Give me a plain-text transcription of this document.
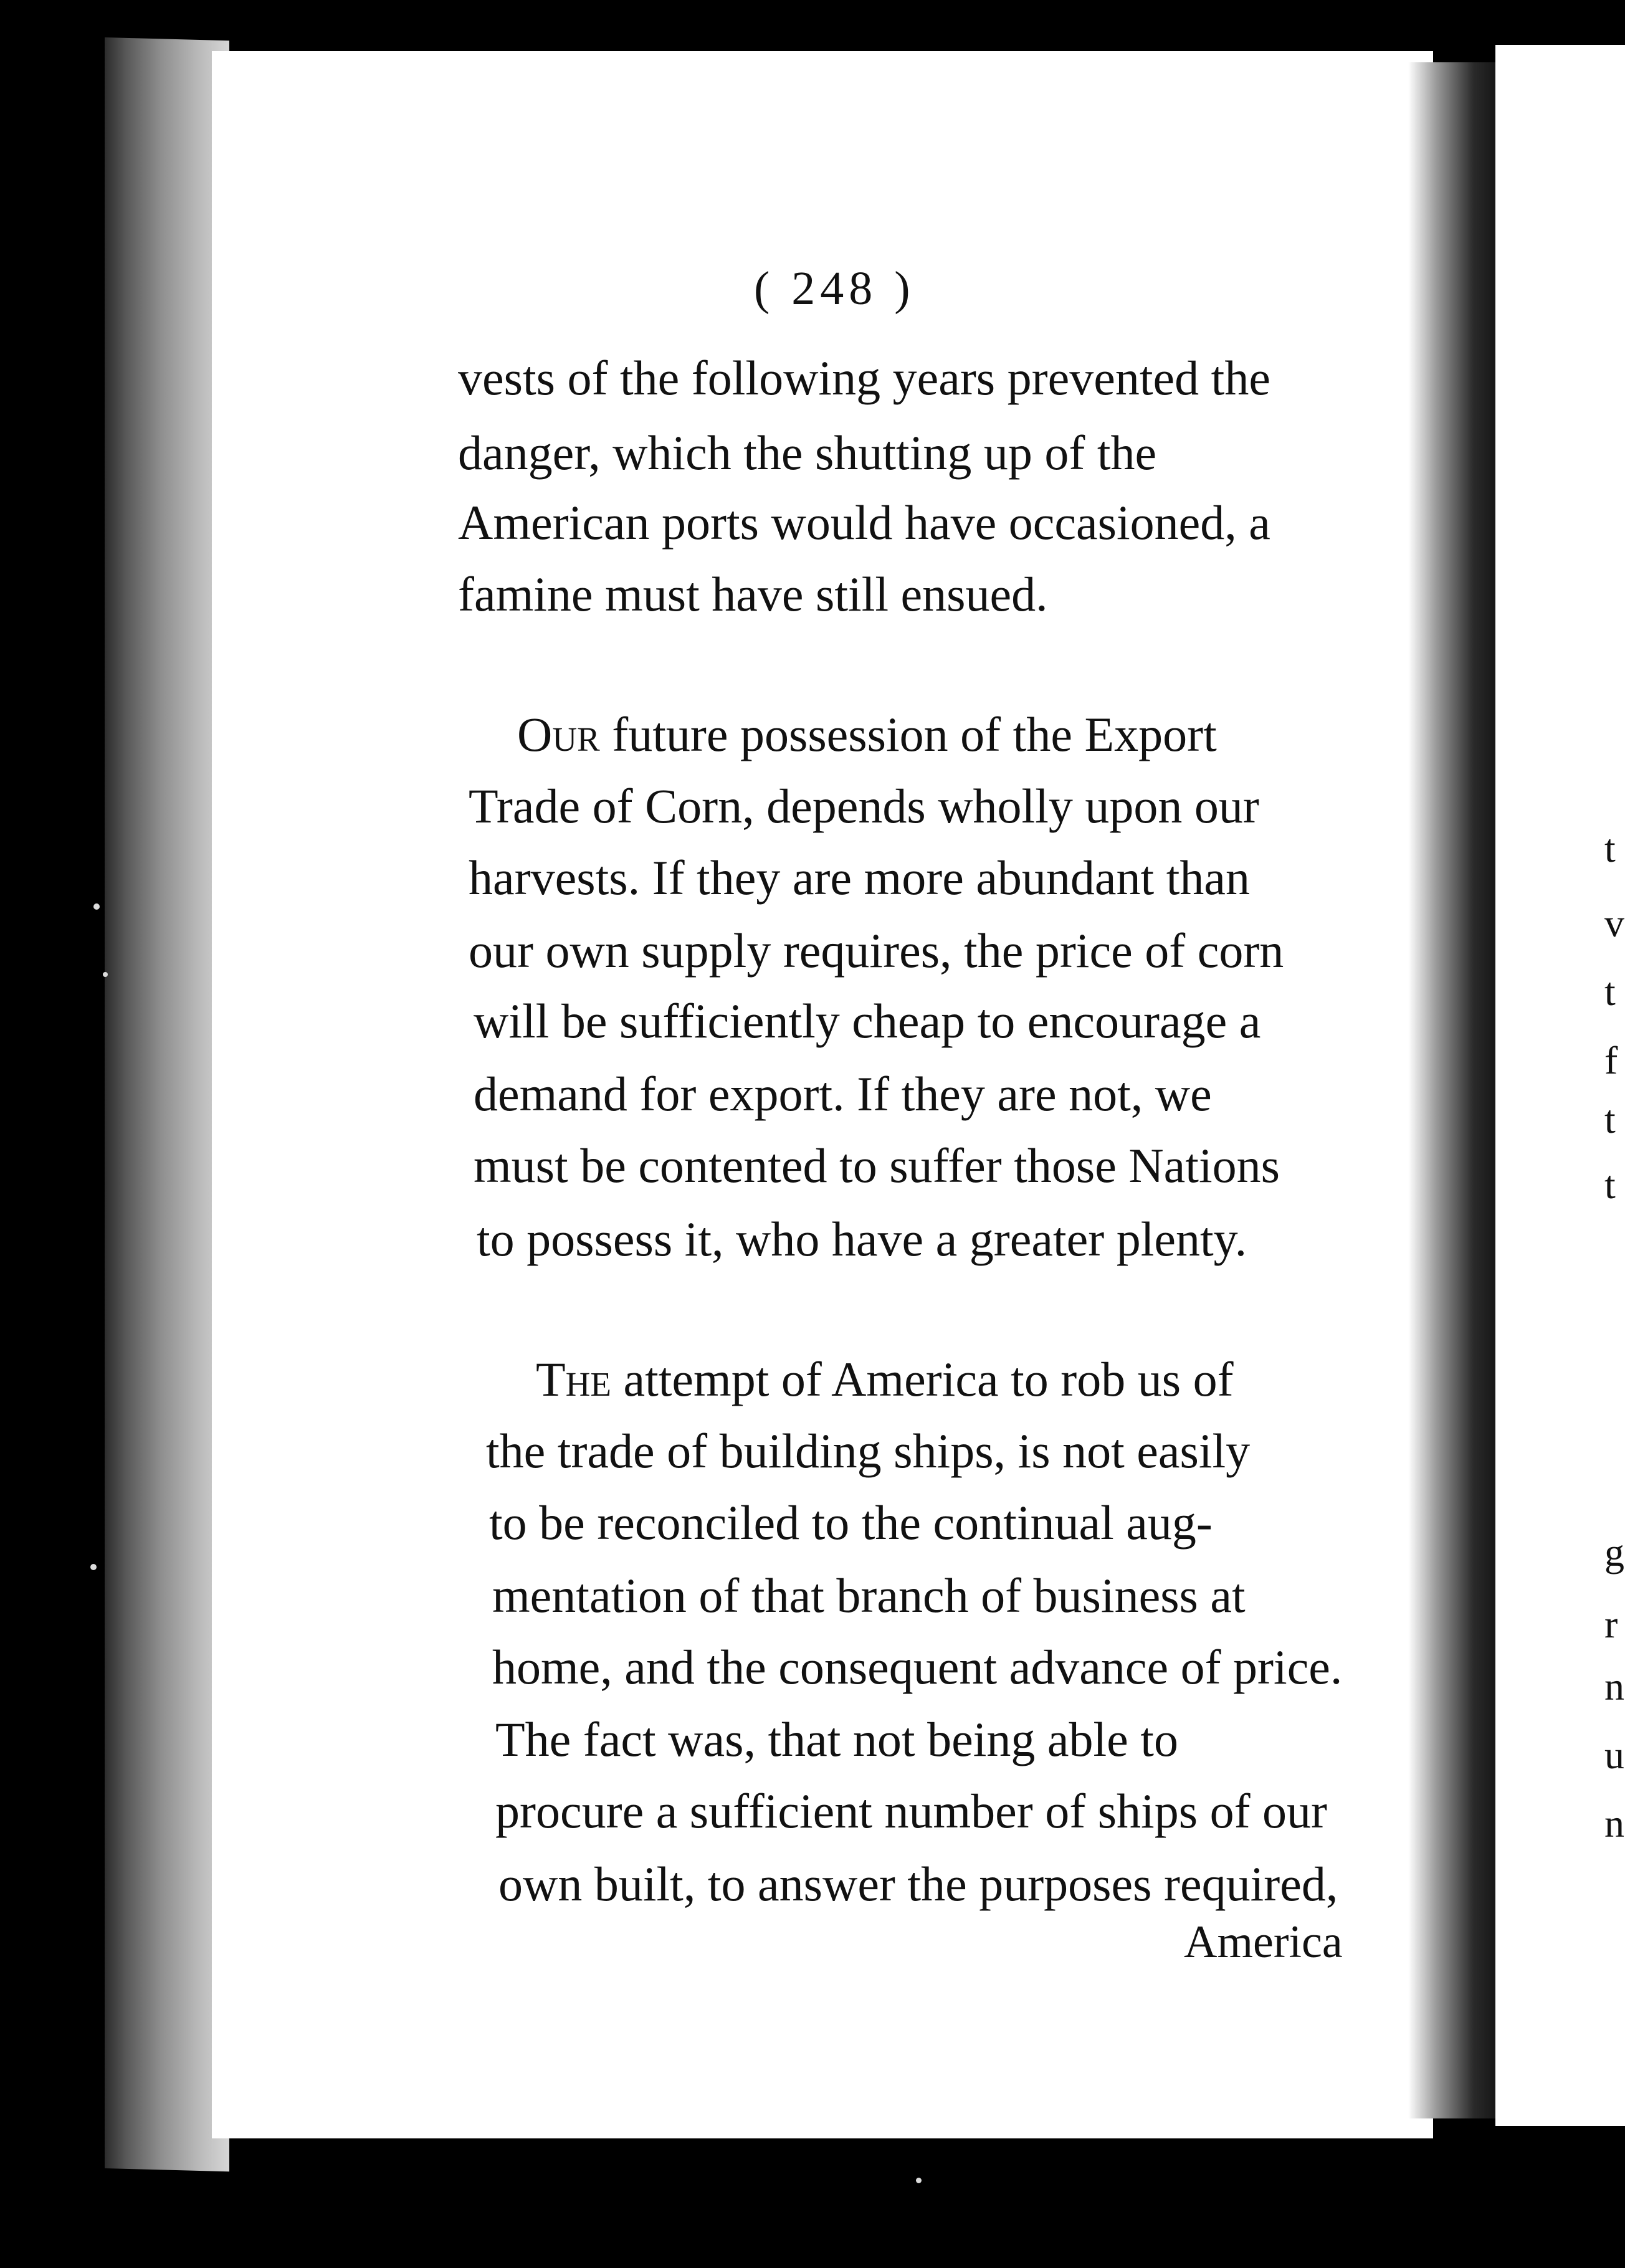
( 248 )
vests of the following years prevented the
danger, which the shutting up of the
American ports would have occasioned, a
famine must have still ensued.
Our future possession of the Export
Trade of Corn, depends wholly upon our
harvests. If they are more abundant than
our own supply requires, the price of corn
will be sufficiently cheap to encourage a
demand for export. If they are not, we
must be contented to suffer those Nations
to possess it, who have a greater plenty.
The attempt of America to rob us of
the trade of building ships, is not easily
to be reconciled to the continual aug-
mentation of that branch of business at
home, and the consequent advance of price.
The fact was, that not being able to
procure a sufficient number of ships of our
own built, to answer the purposes required,
America
t
v
t
f
t
t
g
r
n
u
n
